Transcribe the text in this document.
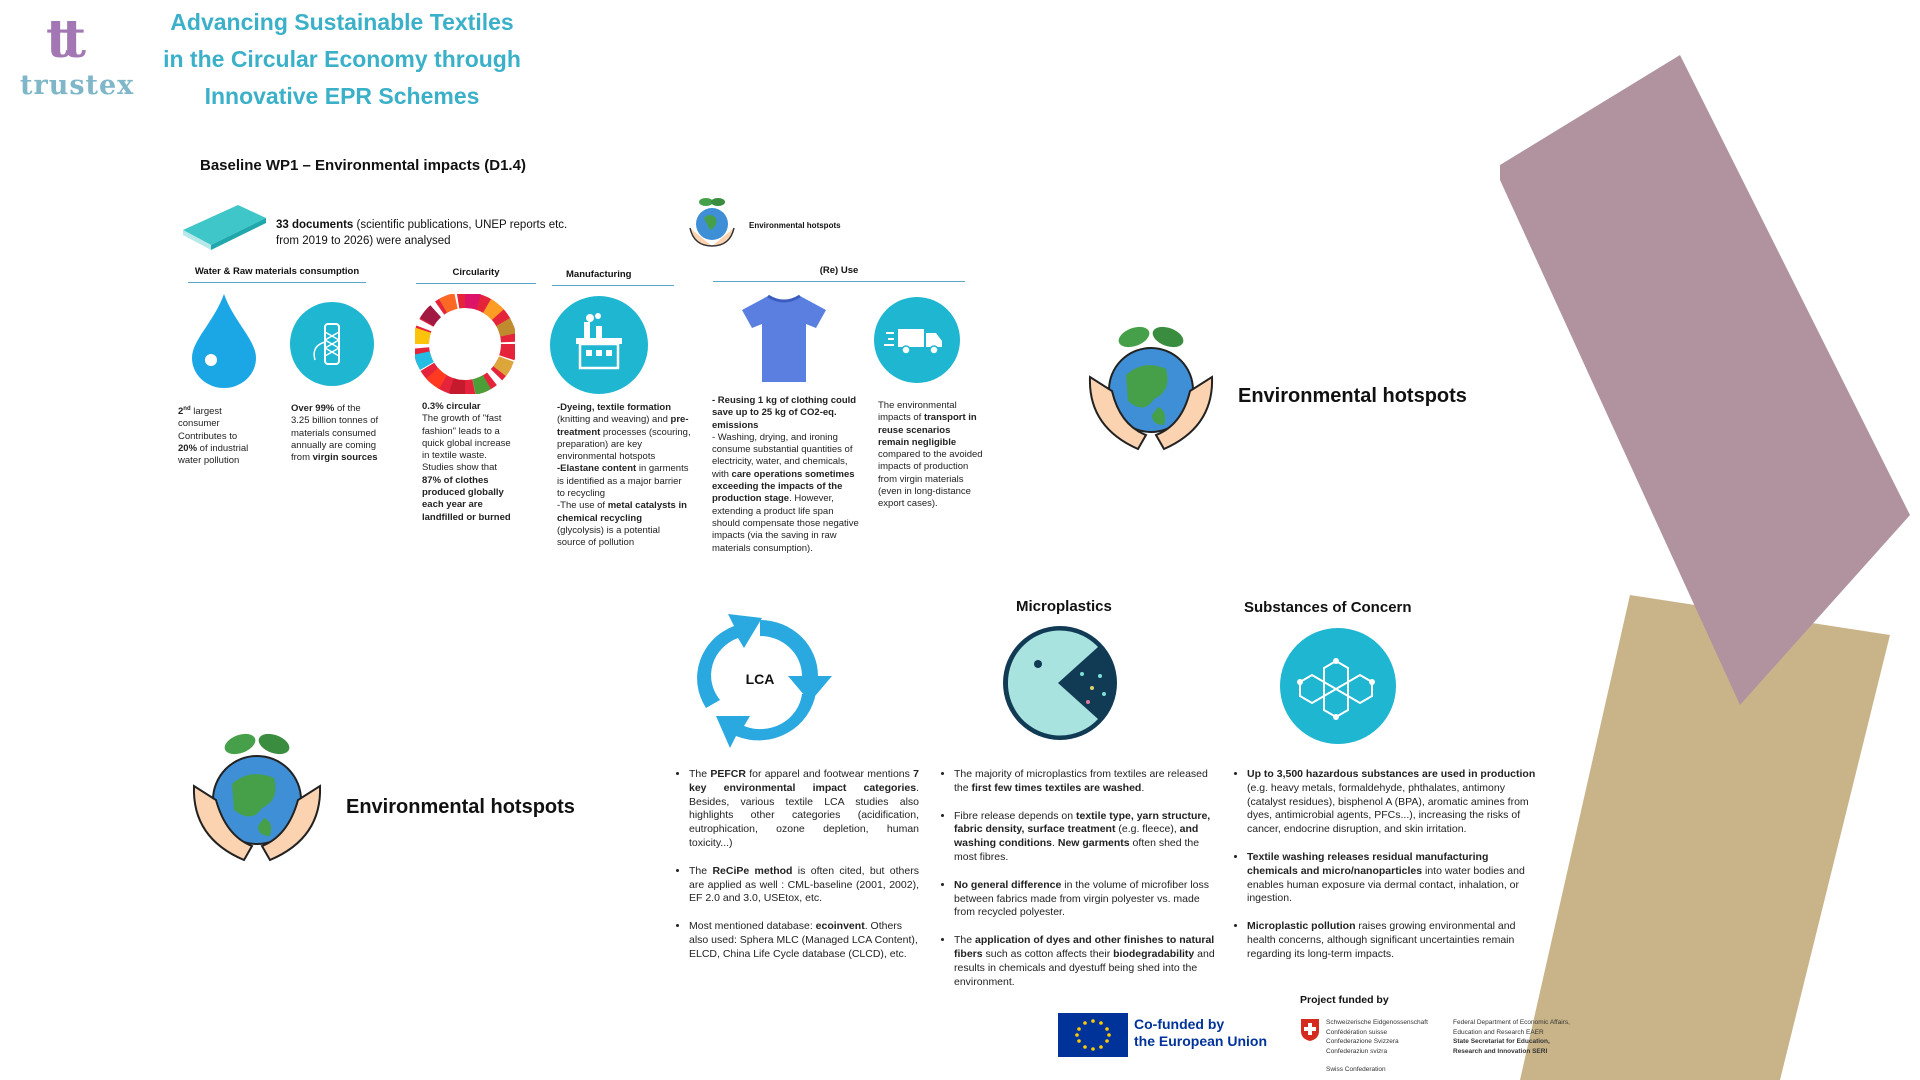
tt
trustex
Advancing Sustainable Textiles
in the Circular Economy through
Innovative EPR Schemes
Baseline WP1 – Environmental impacts (D1.4)
33 documents (scientific publications, UNEP reports etc.
from 2019 to 2026) were analysed
Environmental hotspots
Water & Raw materials consumption	Circularity	Manufacturing	(Re) Use
2nd largest consumer Contributes to 20% of industrial water pollution
Over 99% of the 3.25 billion tonnes of materials consumed annually are coming from virgin sources
0.3% circular
The growth of "fast fashion" leads to a quick global increase in textile waste. Studies show that 87% of clothes produced globally each year are landfilled or burned
-Dyeing, textile formation (knitting and weaving) and pre-treatment processes (scouring, preparation) are key environmental hotspots
-Elastane content in garments is identified as a major barrier to recycling
-The use of metal catalysts in chemical recycling (glycolysis) is a potential source of pollution
- Reusing 1 kg of clothing could save up to 25 kg of CO2-eq. emissions
- Washing, drying, and ironing consume substantial quantities of electricity, water, and chemicals, with care operations sometimes exceeding the impacts of the production stage. However, extending a product life span should compensate those negative impacts (via the saving in raw materials consumption).
The environmental impacts of transport in reuse scenarios remain negligible compared to the avoided impacts of production from virgin materials (even in long-distance export cases).
Environmental hotspots
Environmental hotspots
LCA
Microplastics	Substances of Concern
• The PEFCR for apparel and footwear mentions 7 key environmental impact categories. Besides, various textile LCA studies also highlights other categories (acidification, eutrophication, ozone depletion, human toxicity...)
• The ReCiPe method is often cited, but others are applied as well : CML-baseline (2001, 2002), EF 2.0 and 3.0, USEtox, etc.
• Most mentioned database: ecoinvent. Others also used: Sphera MLC (Managed LCA Content), ELCD, China Life Cycle database (CLCD), etc.
• The majority of microplastics from textiles are released the first few times textiles are washed.
• Fibre release depends on textile type, yarn structure, fabric density, surface treatment (e.g. fleece), and washing conditions. New garments often shed the most fibres.
• No general difference in the volume of microfiber loss between fabrics made from virgin polyester vs. made from recycled polyester.
• The application of dyes and other finishes to natural fibers such as cotton affects their biodegradability and results in chemicals and dyestuff being shed into the environment.
• Up to 3,500 hazardous substances are used in production (e.g. heavy metals, formaldehyde, phthalates, antimony (catalyst residues), bisphenol A (BPA), aromatic amines from dyes, antimicrobial agents, PFCs...), increasing the risks of cancer, endocrine disruption, and skin irritation.
• Textile washing releases residual manufacturing chemicals and micro/nanoparticles into water bodies and enables human exposure via dermal contact, inhalation, or ingestion.
• Microplastic pollution raises growing environmental and health concerns, although significant uncertainties remain regarding its long-term impacts.
Project funded by
Co-funded by
the European Union
Schweizerische Eidgenossenschaft
Confédération suisse
Confederazione Svizzera
Confederaziun svizra
Swiss Confederation
Federal Department of Economic Affairs,
Education and Research EAER
State Secretariat for Education,
Research and Innovation SERI
